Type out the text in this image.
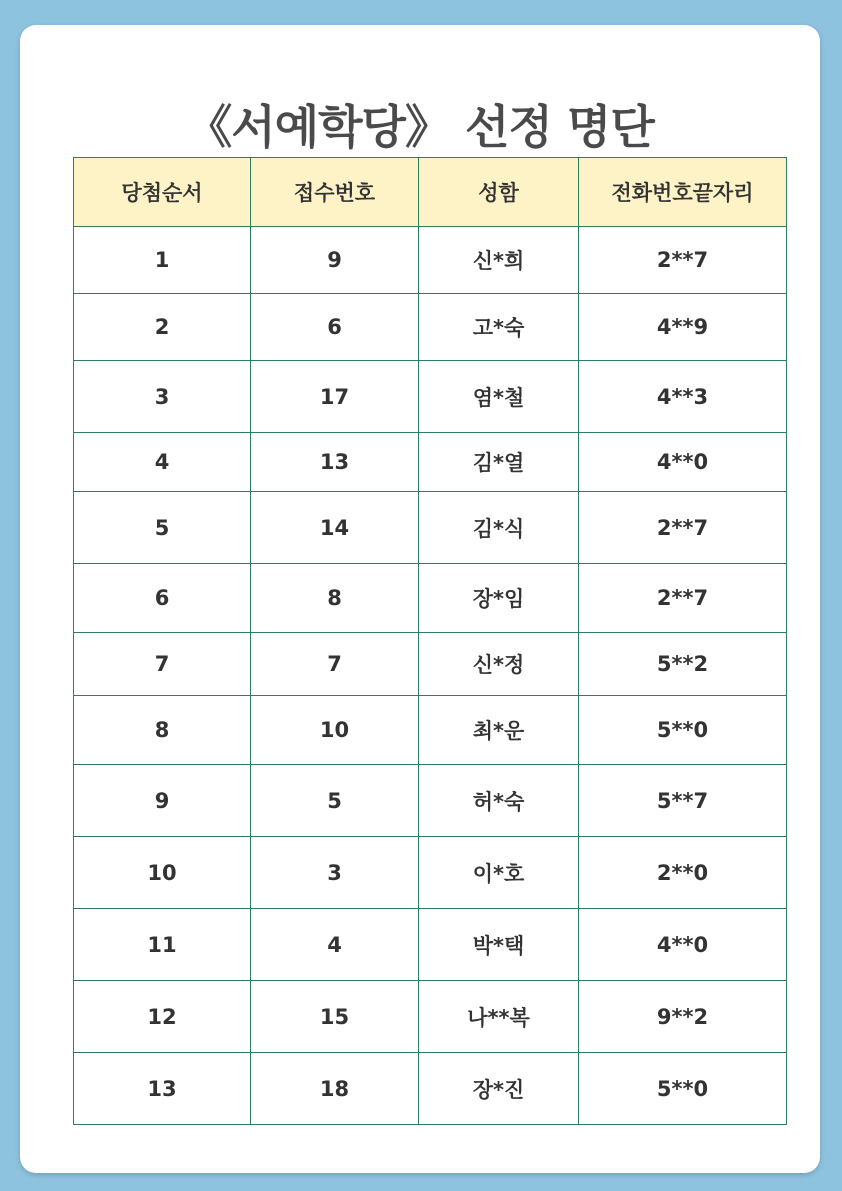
《서예학당》 선정 명단
당첨순서	접수번호	성함	전화번호끝자리
1	9	신*희	2**7
2	6	고*숙	4**9
3	17	염*철	4**3
4	13	김*열	4**0
5	14	김*식	2**7
6	8	장*임	2**7
7	7	신*정	5**2
8	10	최*운	5**0
9	5	허*숙	5**7
10	3	이*호	2**0
11	4	박*택	4**0
12	15	나**복	9**2
13	18	장*진	5**0
